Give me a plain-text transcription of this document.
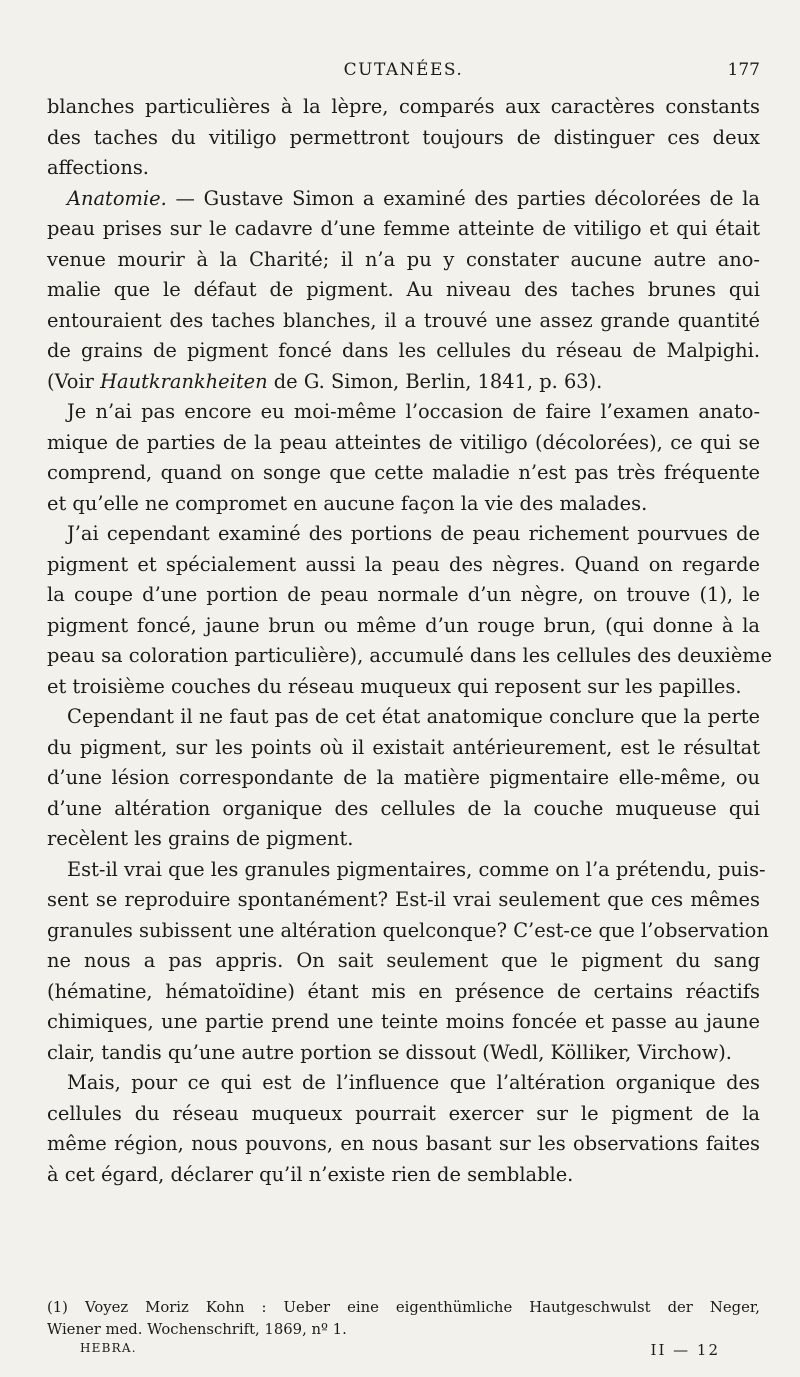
CUTANÉES.	177
blanches particulières à la lèpre, comparés aux caractères constants
des taches du vitiligo permettront toujours de distinguer ces deux
affections.
Anatomie. — Gustave Simon a examiné des parties décolorées de la
peau prises sur le cadavre d’une femme atteinte de vitiligo et qui était
venue mourir à la Charité; il n’a pu y constater aucune autre ano-
malie que le défaut de pigment. Au niveau des taches brunes qui
entouraient des taches blanches, il a trouvé une assez grande quantité
de grains de pigment foncé dans les cellules du réseau de Malpighi.
(Voir Hautkrankheiten de G. Simon, Berlin, 1841, p. 63).
Je n’ai pas encore eu moi-même l’occasion de faire l’examen anato-
mique de parties de la peau atteintes de vitiligo (décolorées), ce qui se
comprend, quand on songe que cette maladie n’est pas très fréquente
et qu’elle ne compromet en aucune façon la vie des malades.
J’ai cependant examiné des portions de peau richement pourvues de
pigment et spécialement aussi la peau des nègres. Quand on regarde
la coupe d’une portion de peau normale d’un nègre, on trouve (1), le
pigment foncé, jaune brun ou même d’un rouge brun, (qui donne à la
peau sa coloration particulière), accumulé dans les cellules des deuxième
et troisième couches du réseau muqueux qui reposent sur les papilles.
Cependant il ne faut pas de cet état anatomique conclure que la perte
du pigment, sur les points où il existait antérieurement, est le résultat
d’une lésion correspondante de la matière pigmentaire elle-même, ou
d’une altération organique des cellules de la couche muqueuse qui
recèlent les grains de pigment.
Est-il vrai que les granules pigmentaires, comme on l’a prétendu, puis-
sent se reproduire spontanément? Est-il vrai seulement que ces mêmes
granules subissent une altération quelconque? C’est-ce que l’observation
ne nous a pas appris. On sait seulement que le pigment du sang
(hématine, hématoïdine) étant mis en présence de certains réactifs
chimiques, une partie prend une teinte moins foncée et passe au jaune
clair, tandis qu’une autre portion se dissout (Wedl, Kölliker, Virchow).
Mais, pour ce qui est de l’influence que l’altération organique des
cellules du réseau muqueux pourrait exercer sur le pigment de la
même région, nous pouvons, en nous basant sur les observations faites
à cet égard, déclarer qu’il n’existe rien de semblable.
(1) Voyez Moriz Kohn : Ueber eine eigenthümliche Hautgeschwulst der Neger,
Wiener med. Wochenschrift, 1869, nº 1.
HEBRA.	II — 12
